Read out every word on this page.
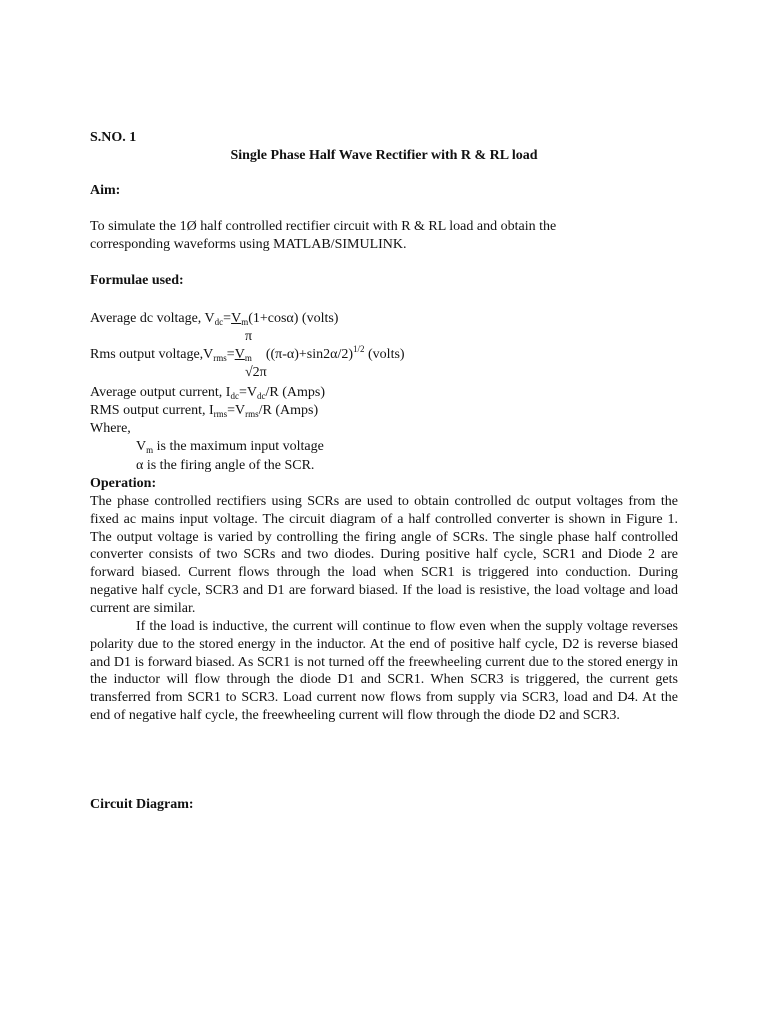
S.NO. 1
Single Phase Half Wave Rectifier with R & RL load
Aim:
To simulate the 1Ø half controlled rectifier circuit with R & RL load and obtain the
corresponding waveforms using MATLAB/SIMULINK.
Formulae used:
Average dc voltage, $V_{dc}=V_m(1+\cos\alpha)$ (volts)
π
Rms output $voltage,V_{rms}=V_m$ $((\pi-\alpha)+\sin 2\alpha/2)^{1/2}$ (volts)
√2π
Average output current, $I_{dc}=V_{dc}/R$ (Amps)
RMS output current, $I_{rms}=V_{rms}/R$ (Amps)
Where,
$V_m$ is the maximum input voltage
α is the firing angle of the SCR.
Operation:
The phase controlled rectifiers using SCRs are used to obtain controlled dc output voltages from the fixed ac mains input voltage. The circuit diagram of a half controlled converter is shown in Figure 1. The output voltage is varied by controlling the firing angle of SCRs. The single phase half controlled converter consists of two SCRs and two diodes. During positive half cycle, SCR1 and Diode 2 are forward biased. Current flows through the load when SCR1 is triggered into conduction. During negative half cycle, SCR3 and D1 are forward biased. If the load is resistive, the load voltage and load current are similar.
If the load is inductive, the current will continue to flow even when the supply voltage reverses polarity due to the stored energy in the inductor. At the end of positive half cycle, D2 is reverse biased and D1 is forward biased. As SCR1 is not turned off the freewheeling current due to the stored energy in the inductor will flow through the diode D1 and SCR1. When SCR3 is triggered, the current gets transferred from SCR1 to SCR3. Load current now flows from supply via SCR3, load and D4. At the end of negative half cycle, the freewheeling current will flow through the diode D2 and SCR3.
Circuit Diagram:
